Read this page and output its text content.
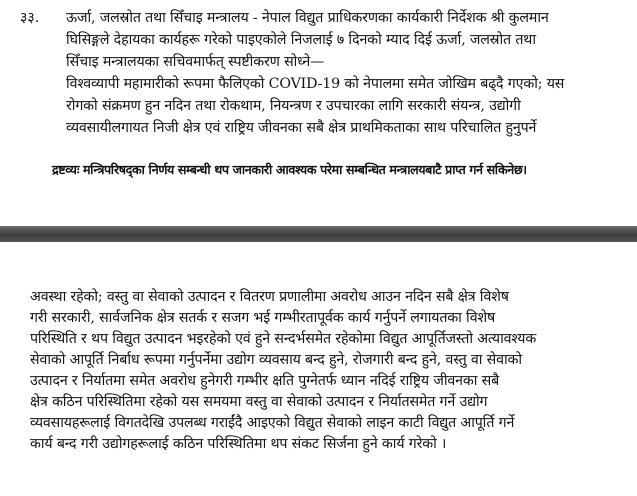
३३. ऊर्जा, जलस्रोत तथा सिँचाइ मन्त्रालय - नेपाल विद्युत प्राधिकरणका कार्यकारी निर्देशक श्री कुलमान
घिसिङ्गले देहायका कार्यहरू गरेको पाइएकोले निजलाई ७ दिनको म्याद दिई ऊर्जा, जलस्रोत तथा
सिँचाइ मन्त्रालयका सचिवमार्फत् स्पष्टीकरण सोध्ने—
विश्वव्यापी महामारीको रूपमा फैलिएको COVID-19 को नेपालमा समेत जोखिम बढ्दै गएको; यस
रोगको संक्रमण हुन नदिन तथा रोकथाम, नियन्त्रण र उपचारका लागि सरकारी संयन्त्र, उद्योगी
व्यवसायीलगायत निजी क्षेत्र एवं राष्ट्रिय जीवनका सबै क्षेत्र प्राथमिकताका साथ परिचालित हुनुपर्ने
द्रष्टव्यः मन्त्रिपरिषद्का निर्णय सम्बन्धी थप जानकारी आवश्यक परेमा सम्बन्धित मन्त्रालयबाटै प्राप्त गर्न सकिनेछ।
अवस्था रहेको; वस्तु वा सेवाको उत्पादन र वितरण प्रणालीमा अवरोध आउन नदिन सबै क्षेत्र विशेष
गरी सरकारी, सार्वजनिक क्षेत्र सतर्क र सजग भई गम्भीरतापूर्वक कार्य गर्नुपर्ने लगायतका विशेष
परिस्थिति र थप विद्युत उत्पादन भइरहेको एवं हुने सन्दर्भसमेत रहेकोमा विद्युत आपूर्तिजस्तो अत्यावश्यक
सेवाको आपूर्ति निर्बाध रूपमा गर्नुपर्नेमा उद्योग व्यवसाय बन्द हुने, रोजगारी बन्द हुने, वस्तु वा सेवाको
उत्पादन र निर्यातमा समेत अवरोध हुनेगरी गम्भीर क्षति पुग्नेतर्फ ध्यान नदिई राष्ट्रिय जीवनका सबै
क्षेत्र कठिन परिस्थितिमा रहेको यस समयमा वस्तु वा सेवाको उत्पादन र निर्यातसमेत गर्ने उद्योग
व्यवसायहरूलाई विगतदेखि उपलब्ध गराईंदै आइएको विद्युत सेवाको लाइन काटी विद्युत आपूर्ति गर्ने
कार्य बन्द गरी उद्योगहरूलाई कठिन परिस्थितिमा थप संकट सिर्जना हुने कार्य गरेको ।
